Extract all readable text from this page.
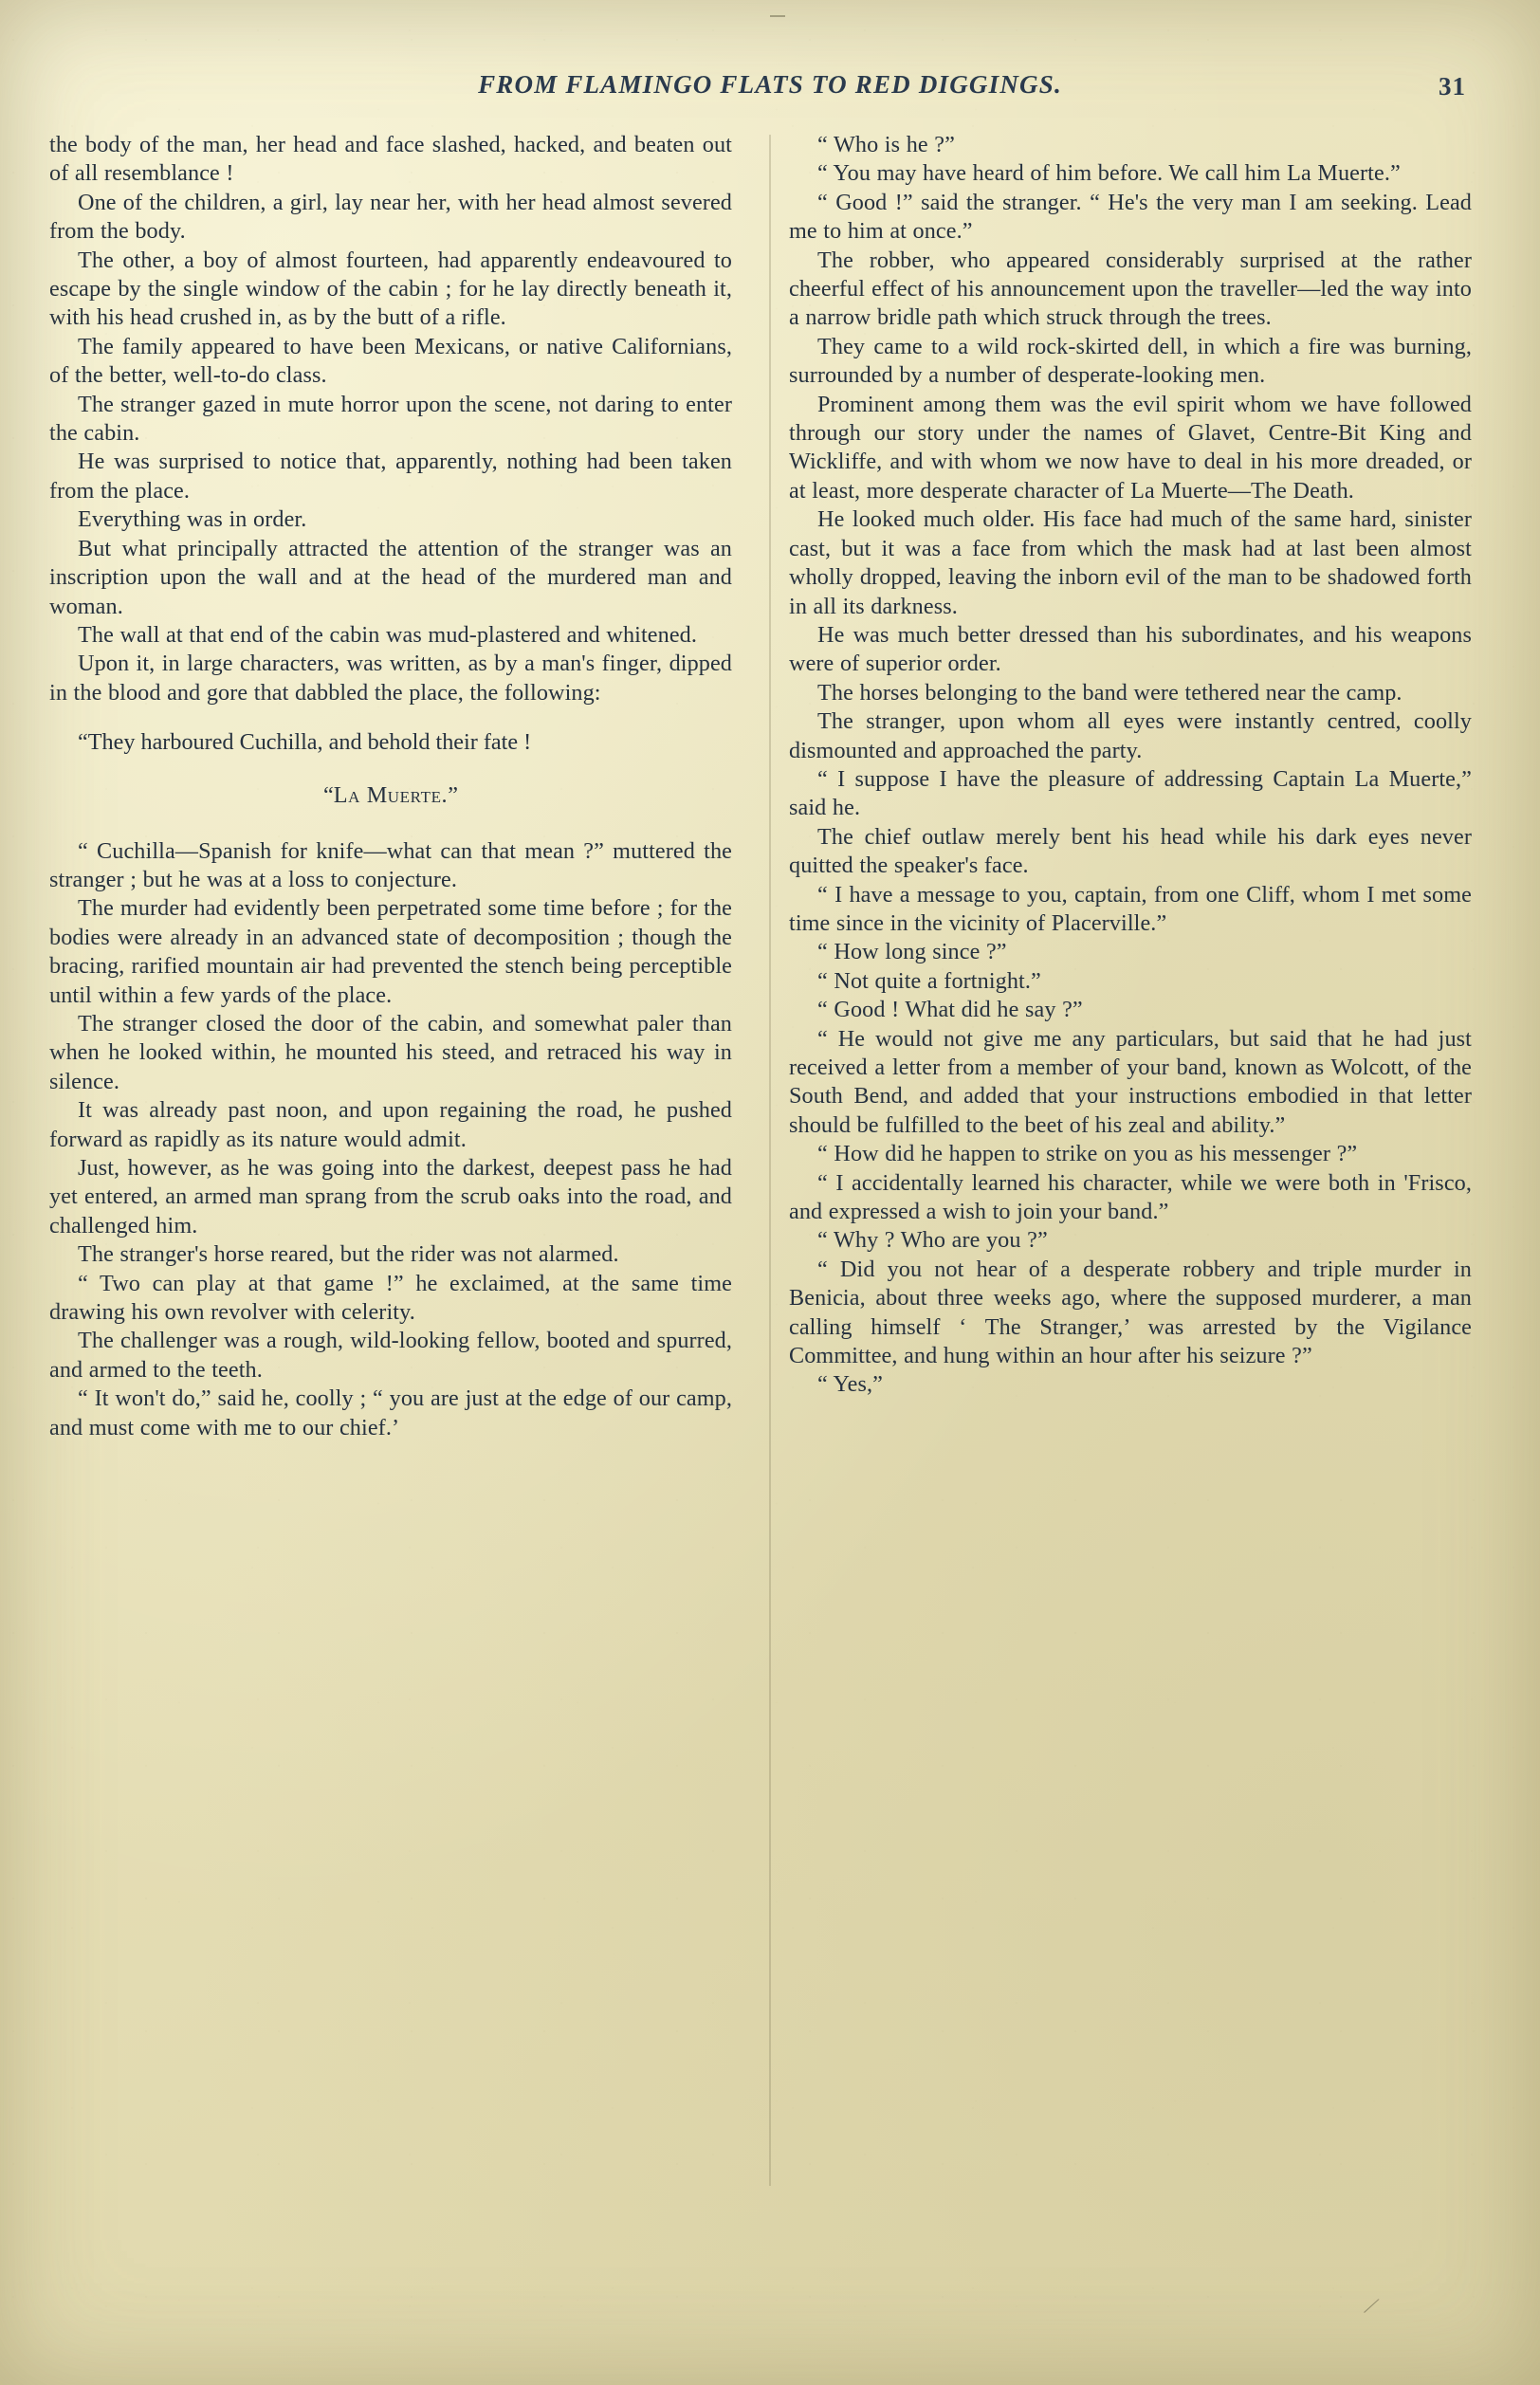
FROM FLAMINGO FLATS TO RED DIGGINGS.	31

the body of the man, her head and face slashed, hacked, and beaten out of all resemblance !

One of the children, a girl, lay near her, with her head almost severed from the body.

The other, a boy of almost fourteen, had apparently endeavoured to escape by the single window of the cabin ; for he lay directly beneath it, with his head crushed in, as by the butt of a rifle.

The family appeared to have been Mexicans, or native Californians, of the better, well-to-do class.

The stranger gazed in mute horror upon the scene, not daring to enter the cabin.

He was surprised to notice that, apparently, nothing had been taken from the place.

Everything was in order.

But what principally attracted the attention of the stranger was an inscription upon the wall and at the head of the murdered man and woman.

The wall at that end of the cabin was mud-plastered and whitened.

Upon it, in large characters, was written, as by a man's finger, dipped in the blood and gore that dabbled the place, the following:

“They harboured Cuchilla, and behold their fate !
“La Muerte.”

“ Cuchilla—Spanish for knife—what can that mean ?” muttered the stranger ; but he was at a loss to conjecture.

The murder had evidently been perpetrated some time before ; for the bodies were already in an advanced state of decomposition ; though the bracing, rarified mountain air had prevented the stench being perceptible until within a few yards of the place.

The stranger closed the door of the cabin, and somewhat paler than when he looked within, he mounted his steed, and retraced his way in silence.

It was already past noon, and upon regaining the road, he pushed forward as rapidly as its nature would admit.

Just, however, as he was going into the darkest, deepest pass he had yet entered, an armed man sprang from the scrub oaks into the road, and challenged him.

The stranger's horse reared, but the rider was not alarmed.

“ Two can play at that game !” he exclaimed, at the same time drawing his own revolver with celerity.

The challenger was a rough, wild-looking fellow, booted and spurred, and armed to the teeth.

“ It won't do,” said he, coolly ; “ you are just at the edge of our camp, and must come with me to our chief.’

“ Who is he ?”

“ You may have heard of him before. We call him La Muerte.”

“ Good !” said the stranger. “ He's the very man I am seeking. Lead me to him at once.”

The robber, who appeared considerably surprised at the rather cheerful effect of his announcement upon the traveller—led the way into a narrow bridle path which struck through the trees.

They came to a wild rock-skirted dell, in which a fire was burning, surrounded by a number of desperate-looking men.

Prominent among them was the evil spirit whom we have followed through our story under the names of Glavet, Centre-Bit King and Wickliffe, and with whom we now have to deal in his more dreaded, or at least, more desperate character of La Muerte—The Death.

He looked much older. His face had much of the same hard, sinister cast, but it was a face from which the mask had at last been almost wholly dropped, leaving the inborn evil of the man to be shadowed forth in all its darkness.

He was much better dressed than his subordinates, and his weapons were of superior order.

The horses belonging to the band were tethered near the camp.

The stranger, upon whom all eyes were instantly centred, coolly dismounted and approached the party.

“ I suppose I have the pleasure of addressing Captain La Muerte,” said he.

The chief outlaw merely bent his head while his dark eyes never quitted the speaker's face.

“ I have a message to you, captain, from one Cliff, whom I met some time since in the vicinity of Placerville.”

“ How long since ?”

“ Not quite a fortnight.”

“ Good ! What did he say ?”

“ He would not give me any particulars, but said that he had just received a letter from a member of your band, known as Wolcott, of the South Bend, and added that your instructions embodied in that letter should be fulfilled to the beet of his zeal and ability.”

“ How did he happen to strike on you as his messenger ?”

“ I accidentally learned his character, while we were both in 'Frisco, and expressed a wish to join your band.”

“ Why ? Who are you ?”

“ Did you not hear of a desperate robbery and triple murder in Benicia, about three weeks ago, where the supposed murderer, a man calling himself ‘ The Stranger,’ was arrested by the Vigilance Committee, and hung within an hour after his seizure ?”

“ Yes,”

⁄
